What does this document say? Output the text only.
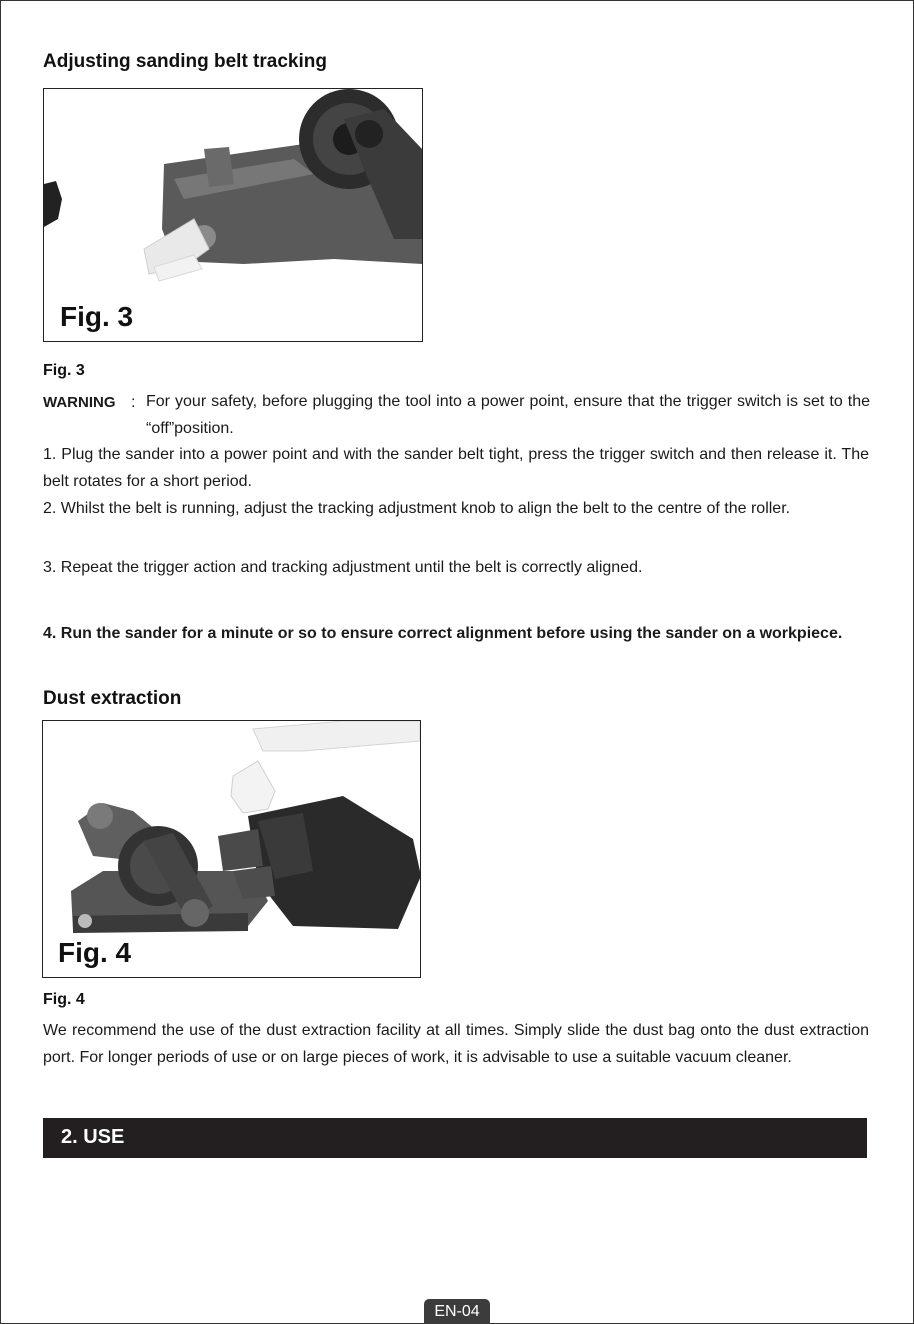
Adjusting sanding belt tracking
Fig. 3
Fig. 3
WARNING : For your safety, before plugging the tool into a power point, ensure that the trigger switch is set to the “off”position.
1. Plug the sander into a power point and with the sander belt tight, press the trigger switch and then release it. The belt rotates for a short period.
2. Whilst the belt is running, adjust the tracking adjustment knob to align the belt to the centre of the roller.
3. Repeat the trigger action and tracking adjustment until the belt is correctly aligned.
4. Run the sander for a minute or so to ensure correct alignment before using the sander on a workpiece.
Dust extraction
Fig. 4
Fig. 4
We recommend the use of the dust extraction facility at all times. Simply slide the dust bag onto the dust extraction port. For longer periods of use or on large pieces of work, it is advisable to use a suitable vacuum cleaner.
2. USE
EN-04
